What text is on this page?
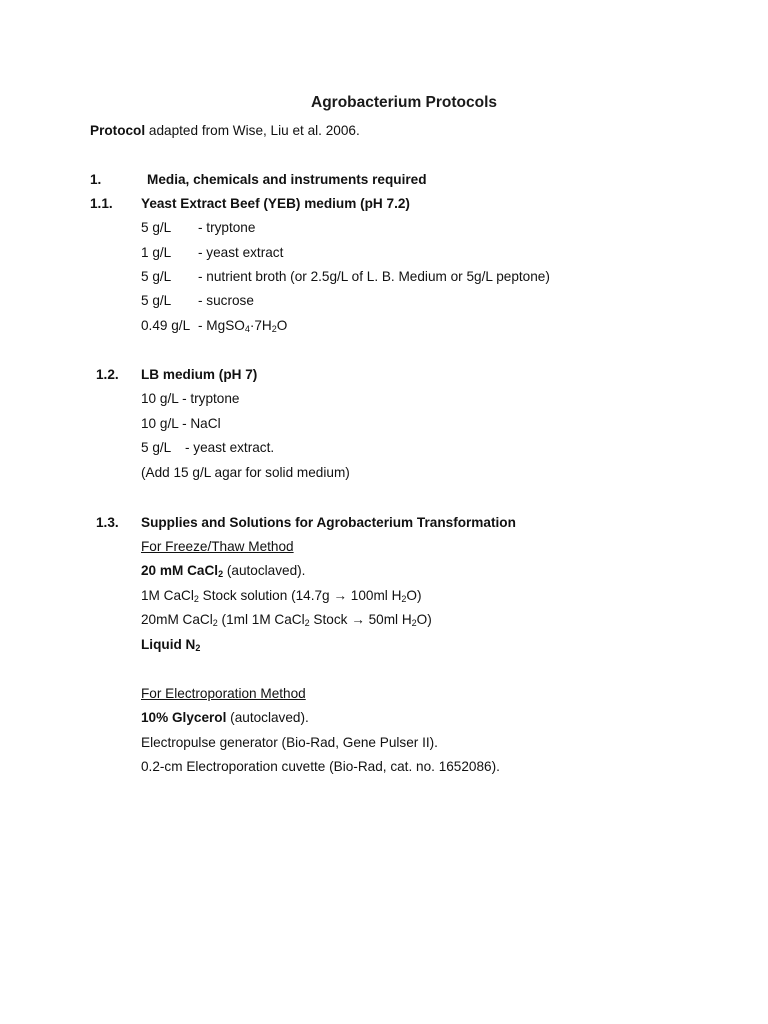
Agrobacterium Protocols
Protocol adapted from Wise, Liu et al. 2006.
1.	Media, chemicals and instruments required
1.1. Yeast Extract Beef (YEB) medium (pH 7.2)
5 g/L - tryptone
1 g/L - yeast extract
5 g/L - nutrient broth (or 2.5g/L of L. B. Medium or 5g/L peptone)
5 g/L - sucrose
0.49 $g/L - MgSO_4\cdot 7H_2O$
1.2. LB medium (pH 7)
10 g/L - tryptone
10 g/L - NaCl
5 g/L - yeast extract.
(Add 15 g/L agar for solid medium)
1.3. Supplies and Solutions for Agrobacterium Transformation
For Freeze/Thaw Method
20 mM CaCl$_2$ (autoclaved).
1M CaCl$_2$ Stock solution (14.7g → 100ml $H_2O$)
20mM CaCl$_2$ (1ml 1M CaCl$_2$ Stock → 50ml $H_2O$)
Liquid $N_2$
For Electroporation Method
10% Glycerol (autoclaved).
Electropulse generator (Bio-Rad, Gene Pulser II).
0.2-cm Electroporation cuvette (Bio-Rad, cat. no. 1652086).
